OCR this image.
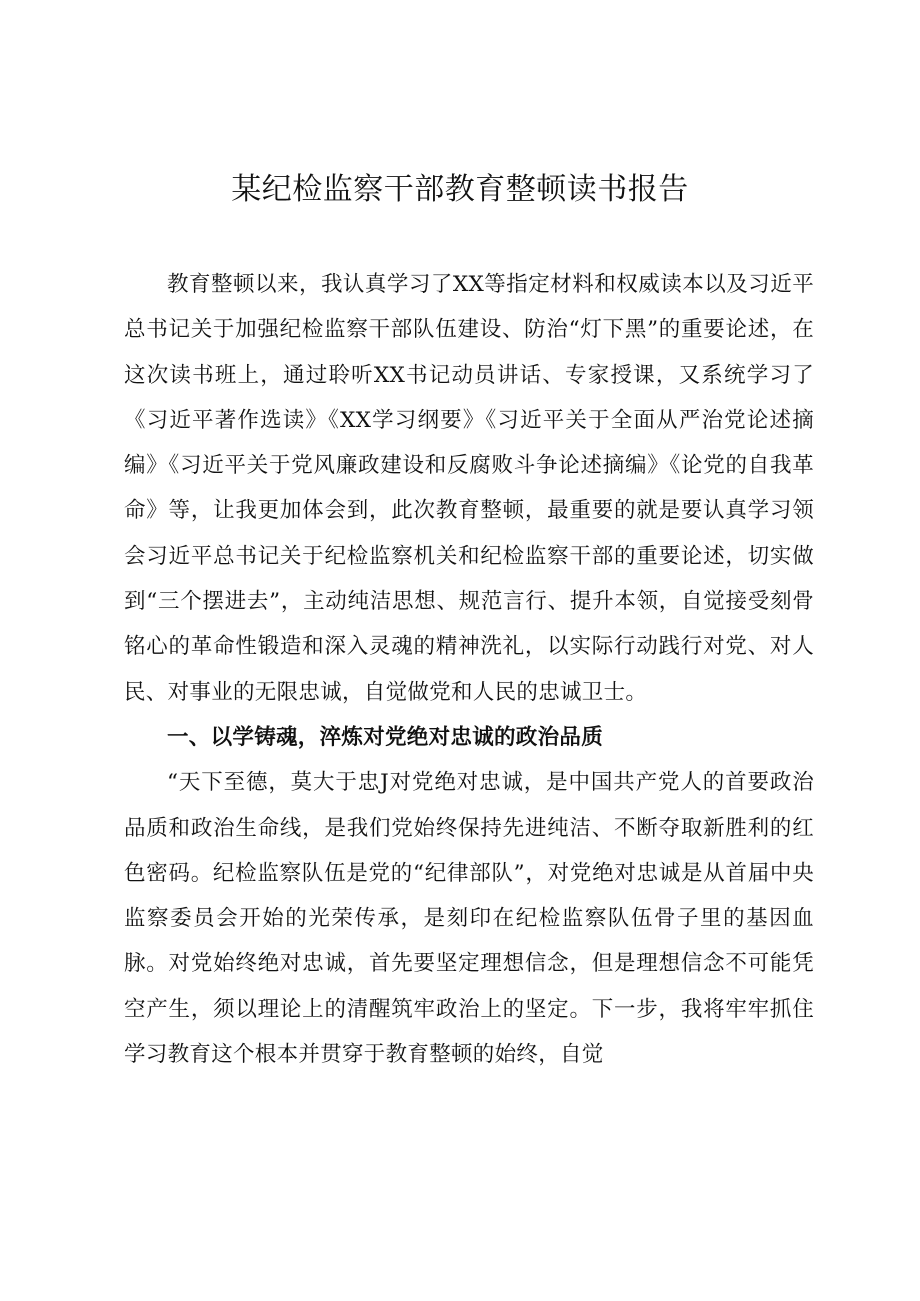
某纪检监察干部教育整顿读书报告

教育整顿以来，我认真学习了XX等指定材料和权威读本以及习近平总书记关于加强纪检监察干部队伍建设、防治“灯下黑”的重要论述，在这次读书班上，通过聆听XX书记动员讲话、专家授课，又系统学习了《习近平著作选读》《XX学习纲要》《习近平关于全面从严治党论述摘编》《习近平关于党风廉政建设和反腐败斗争论述摘编》《论党的自我革命》等，让我更加体会到，此次教育整顿，最重要的就是要认真学习领会习近平总书记关于纪检监察机关和纪检监察干部的重要论述，切实做到“三个摆进去”，主动纯洁思想、规范言行、提升本领，自觉接受刻骨铭心的革命性锻造和深入灵魂的精神洗礼，以实际行动践行对党、对人民、对事业的无限忠诚，自觉做党和人民的忠诚卫士。

一、以学铸魂，淬炼对党绝对忠诚的政治品质

“天下至德，莫大于忠J对党绝对忠诚，是中国共产党人的首要政治品质和政治生命线，是我们党始终保持先进纯洁、不断夺取新胜利的红色密码。纪检监察队伍是党的“纪律部队”，对党绝对忠诚是从首届中央监察委员会开始的光荣传承，是刻印在纪检监察队伍骨子里的基因血脉。对党始终绝对忠诚，首先要坚定理想信念，但是理想信念不可能凭空产生，须以理论上的清醒筑牢政治上的坚定。下一步，我将牢牢抓住学习教育这个根本并贯穿于教育整顿的始终，自觉
